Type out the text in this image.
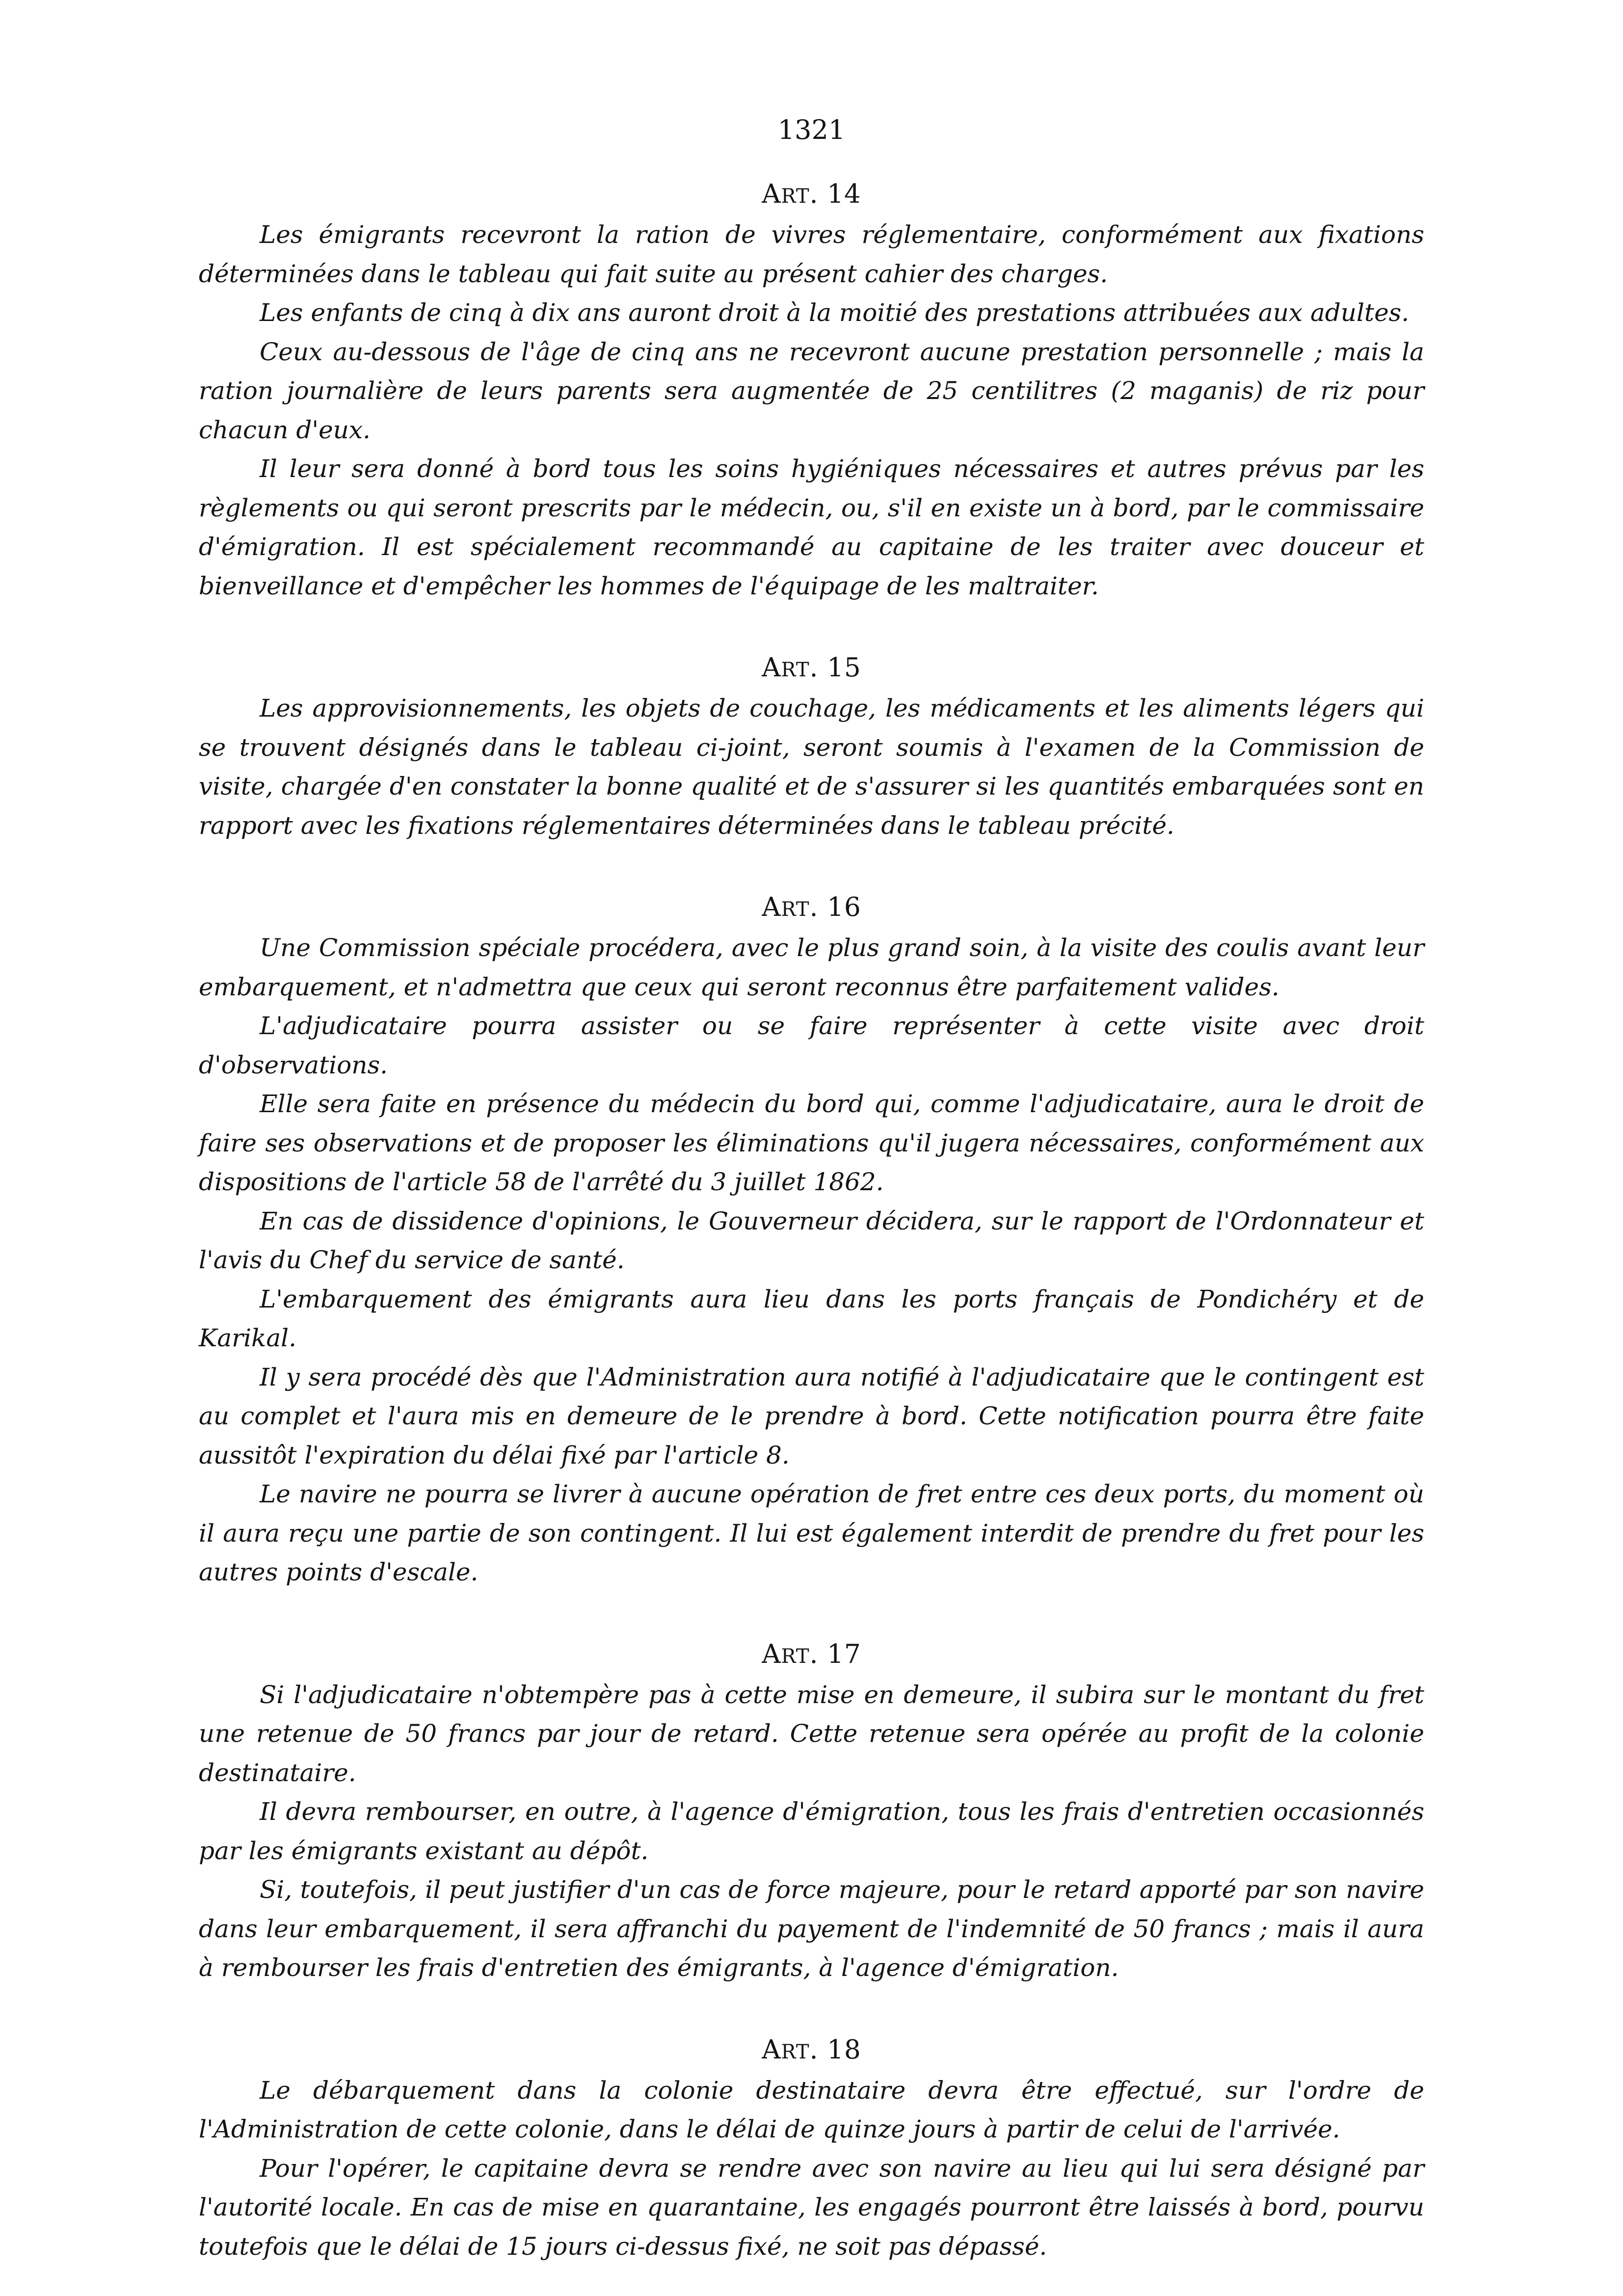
1321
ART. 14

Les émigrants recevront la ration de vivres réglementaire, conformément aux fixations déterminées dans le tableau qui fait suite au présent cahier des charges.

Les enfants de cinq à dix ans auront droit à la moitié des prestations attribuées aux adultes.

Ceux au-dessous de l'âge de cinq ans ne recevront aucune prestation personnelle ; mais la ration journalière de leurs parents sera augmentée de 25 centilitres (2 maganis) de riz pour chacun d'eux.

Il leur sera donné à bord tous les soins hygiéniques nécessaires et autres prévus par les règlements ou qui seront prescrits par le médecin, ou, s'il en existe un à bord, par le commissaire d'émigration. Il est spécialement recommandé au capitaine de les traiter avec douceur et bienveillance et d'empêcher les hommes de l'équipage de les maltraiter.

ART. 15

Les approvisionnements, les objets de couchage, les médicaments et les aliments légers qui se trouvent désignés dans le tableau ci-joint, seront soumis à l'examen de la Commission de visite, chargée d'en constater la bonne qualité et de s'assurer si les quantités embarquées sont en rapport avec les fixations réglementaires déterminées dans le tableau précité.

ART. 16

Une Commission spéciale procédera, avec le plus grand soin, à la visite des coulis avant leur embarquement, et n'admettra que ceux qui seront reconnus être parfaitement valides.

L'adjudicataire pourra assister ou se faire représenter à cette visite avec droit d'observations.

Elle sera faite en présence du médecin du bord qui, comme l'adjudicataire, aura le droit de faire ses observations et de proposer les éliminations qu'il jugera nécessaires, conformément aux dispositions de l'article 58 de l'arrêté du 3 juillet 1862.

En cas de dissidence d'opinions, le Gouverneur décidera, sur le rapport de l'Ordonnateur et l'avis du Chef du service de santé.

L'embarquement des émigrants aura lieu dans les ports français de Pondichéry et de Karikal.

Il y sera procédé dès que l'Administration aura notifié à l'adjudicataire que le contingent est au complet et l'aura mis en demeure de le prendre à bord. Cette notification pourra être faite aussitôt l'expiration du délai fixé par l'article 8.

Le navire ne pourra se livrer à aucune opération de fret entre ces deux ports, du moment où il aura reçu une partie de son contingent. Il lui est également interdit de prendre du fret pour les autres points d'escale.

ART. 17

Si l'adjudicataire n'obtempère pas à cette mise en demeure, il subira sur le montant du fret une retenue de 50 francs par jour de retard. Cette retenue sera opérée au profit de la colonie destinataire.

Il devra rembourser, en outre, à l'agence d'émigration, tous les frais d'entretien occasionnés par les émigrants existant au dépôt.

Si, toutefois, il peut justifier d'un cas de force majeure, pour le retard apporté par son navire dans leur embarquement, il sera affranchi du payement de l'indemnité de 50 francs ; mais il aura à rembourser les frais d'entretien des émigrants, à l'agence d'émigration.

ART. 18

Le débarquement dans la colonie destinataire devra être effectué, sur l'ordre de l'Administration de cette colonie, dans le délai de quinze jours à partir de celui de l'arrivée.

Pour l'opérer, le capitaine devra se rendre avec son navire au lieu qui lui sera désigné par l'autorité locale. En cas de mise en quarantaine, les engagés pourront être laissés à bord, pourvu toutefois que le délai de 15 jours ci-dessus fixé, ne soit pas dépassé.
